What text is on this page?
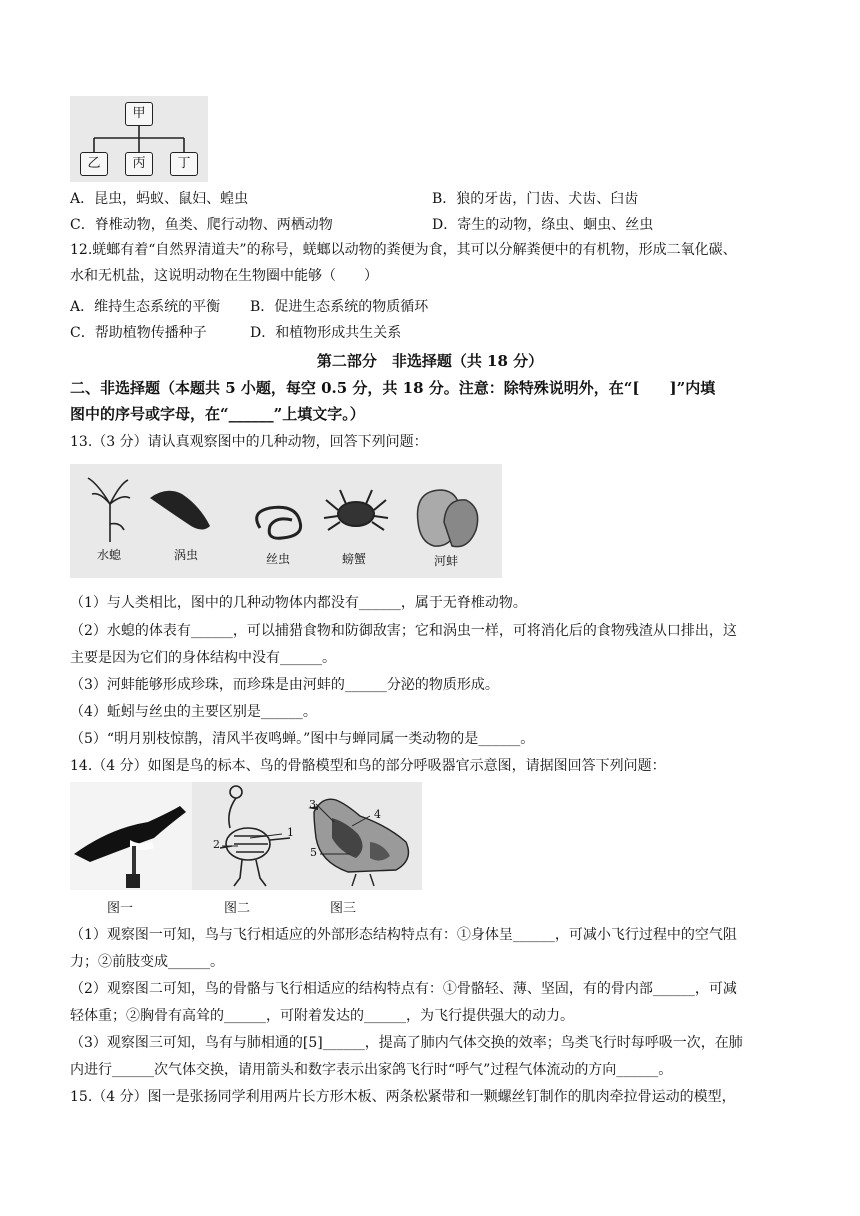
甲
乙	丙	丁
A．昆虫，蚂蚁、鼠妇、蝗虫	B．狼的牙齿，门齿、犬齿、臼齿
C．脊椎动物，鱼类、爬行动物、两栖动物	D．寄生的动物，绦虫、蛔虫、丝虫
12.蜣螂有着“自然界清道夫”的称号，蜣螂以动物的粪便为食，其可以分解粪便中的有机物，形成二氧化碳、
水和无机盐，这说明动物在生物圈中能够（　　）
A．维持生态系统的平衡 B．促进生态系统的物质循环
C．帮助植物传播种子	D．和植物形成共生关系
第二部分　非选择题（共 18 分）
二、非选择题（本题共 5 小题，每空 0.5 分，共 18 分。注意：除特殊说明外，在“[　　]”内填
图中的序号或字母，在“______”上填文字。）
13.（3 分）请认真观察图中的几种动物，回答下列问题：
水螅	涡虫	丝虫	螃蟹	河蚌
（1）与人类相比，图中的几种动物体内都没有______，属于无脊椎动物。
（2）水螅的体表有______，可以捕猎食物和防御敌害；它和涡虫一样，可将消化后的食物残渣从口排出，这
主要是因为它们的身体结构中没有______。
（3）河蚌能够形成珍珠，而珍珠是由河蚌的______分泌的物质形成。
（4）蚯蚓与丝虫的主要区别是______。
（5）“明月别枝惊鹊，清风半夜鸣蝉。”图中与蝉同属一类动物的是______。
14.（4 分）如图是鸟的标本、鸟的骨骼模型和鸟的部分呼吸器官示意图，请据图回答下列问题：
1
2
3
4
5
图一	图二	图三
（1）观察图一可知，鸟与飞行相适应的外部形态结构特点有：①身体呈______，可减小飞行过程中的空气阻
力；②前肢变成______。
（2）观察图二可知，鸟的骨骼与飞行相适应的结构特点有：①骨骼轻、薄、坚固，有的骨内部______，可减
轻体重；②胸骨有高耸的______，可附着发达的______，为飞行提供强大的动力。
（3）观察图三可知，鸟有与肺相通的[5]______，提高了肺内气体交换的效率；鸟类飞行时每呼吸一次，在肺
内进行______次气体交换，请用箭头和数字表示出家鸽飞行时“呼气”过程气体流动的方向______。
15.（4 分）图一是张扬同学利用两片长方形木板、两条松紧带和一颗螺丝钉制作的肌肉牵拉骨运动的模型，
